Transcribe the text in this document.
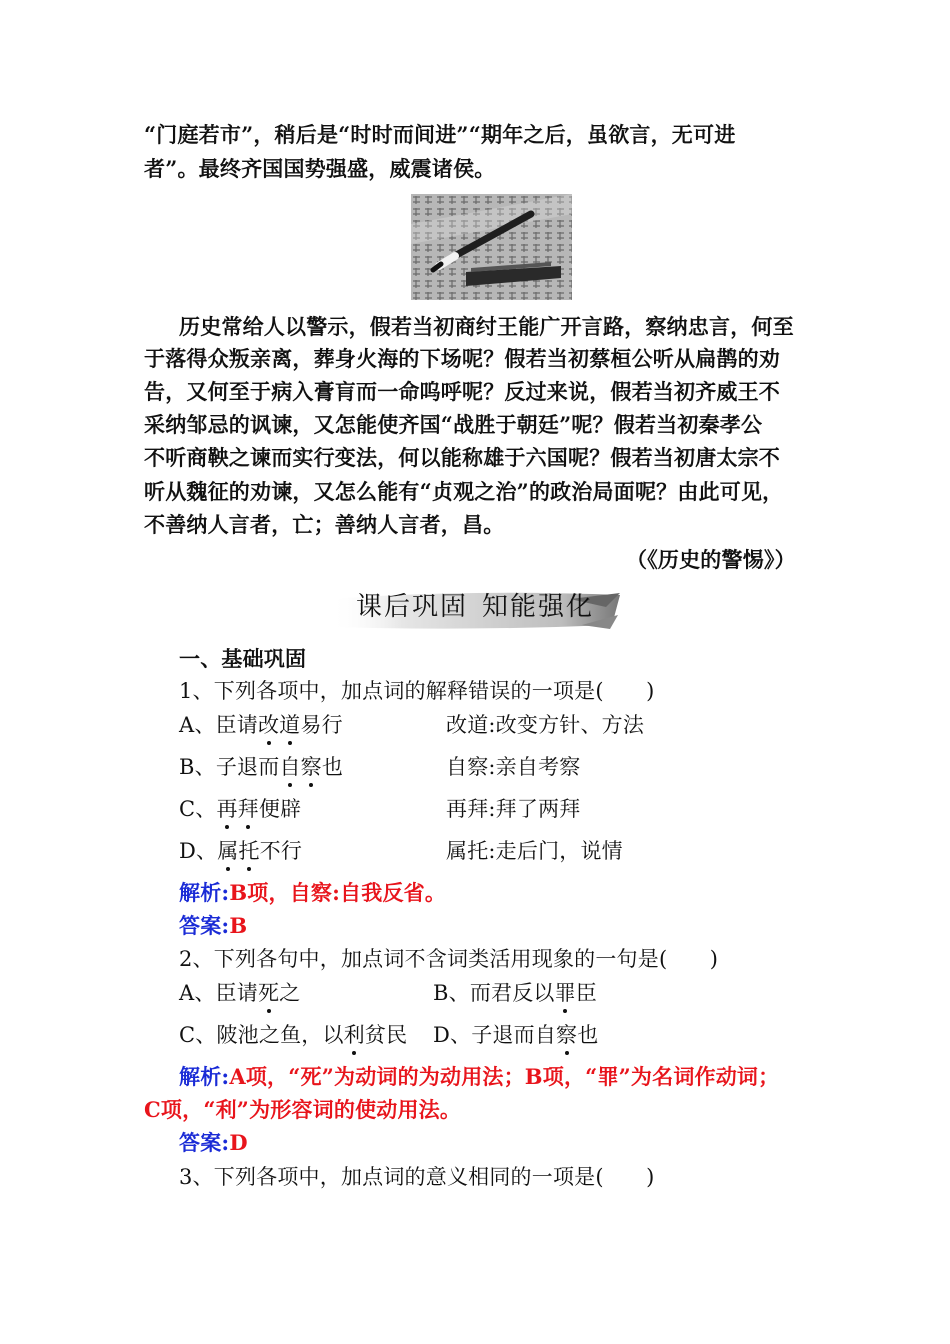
“门庭若市”，稍后是“时时而间进”“期年之后，虽欲言，无可进
者”。最终齐国国势强盛，威震诸侯。
历史常给人以警示，假若当初商纣王能广开言路，察纳忠言，何至
于落得众叛亲离，葬身火海的下场呢？假若当初蔡桓公听从扁鹊的劝
告，又何至于病入膏肓而一命呜呼呢？反过来说，假若当初齐威王不
采纳邹忌的讽谏，又怎能使齐国“战胜于朝廷”呢？假若当初秦孝公
不听商鞅之谏而实行变法，何以能称雄于六国呢？假若当初唐太宗不
听从魏征的劝谏，又怎么能有“贞观之治”的政治局面呢？由此可见，
不善纳人言者，亡；善纳人言者，昌。
（《历史的警惕》）
课后巩固 知能强化
一、基础巩固
1、下列各项中，加点词的解释错误的一项是(　　)
A、臣请改道易行	改道:改变方针、方法
B、子退而自察也	自察:亲自考察
C、再拜便辟	再拜:拜了两拜
D、属托不行	属托:走后门，说情
解析:B项，自察:自我反省。
答案:B
2、下列各句中，加点词不含词类活用现象的一句是(　　)
A、臣请死之	B、而君反以罪臣
C、陂池之鱼，以利贫民 D、子退而自察也
解析:A项，“死”为动词的为动用法；B项，“罪”为名词作动词；
C项，“利”为形容词的使动用法。
答案:D
3、下列各项中，加点词的意义相同的一项是(　　)
